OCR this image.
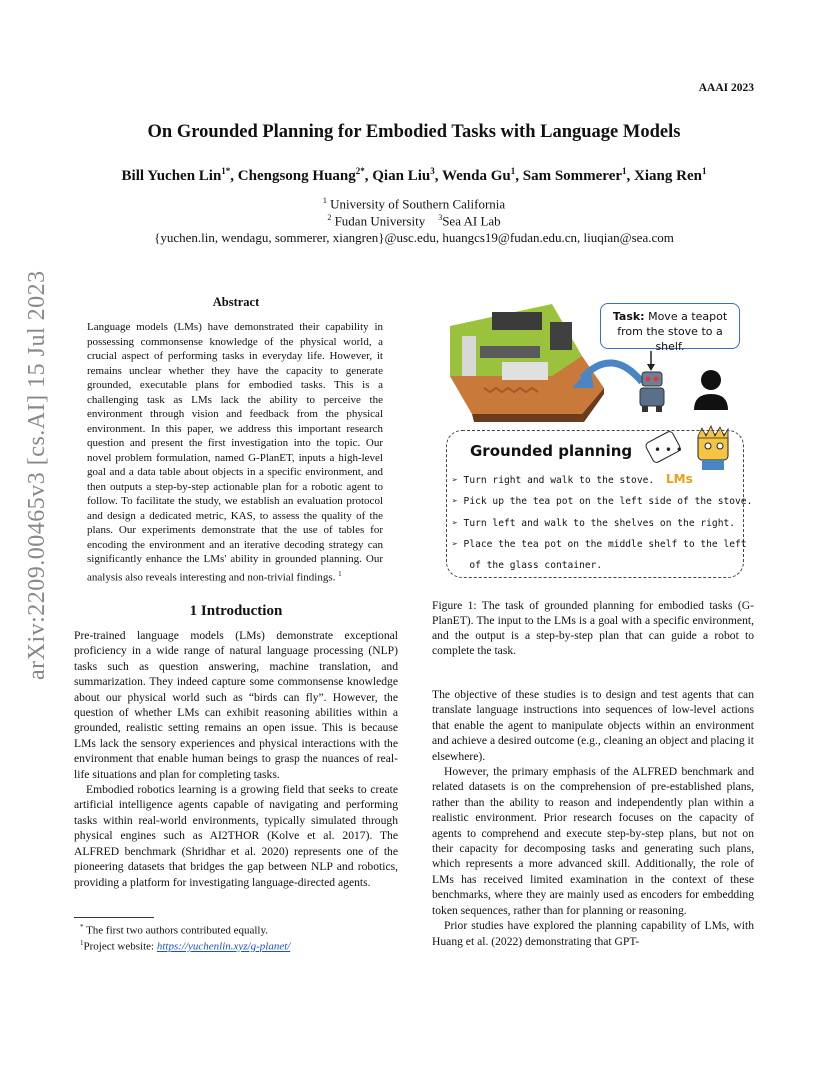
AAAI 2023
On Grounded Planning for Embodied Tasks with Language Models
Bill Yuchen Lin$^{1*}$, Chengsong Huang$^{2*}$, Qian Liu$^3$, Wenda Gu$^1$, Sam Sommerer$^1$, Xiang Ren$^1$
$^1$ University of Southern California
$^2$ Fudan University $^3$Sea AI Lab
{yuchen.lin, wendagu, sommerer, xiangren}@usc.edu, huangcs19@fudan.edu.cn, liuqian@sea.com
arXiv:2209.00465v3 [cs.AI] 15 Jul 2023	Abstract
Language models (LMs) have demonstrated their capability in possessing commonsense knowledge of the physical world, a crucial aspect of performing tasks in everyday life. However, it remains unclear whether they have the capacity to generate grounded, executable plans for embodied tasks. This is a challenging task as LMs lack the ability to perceive the environment through vision and feedback from the physical environment. In this paper, we address this important research question and present the first investigation into the topic. Our novel problem formulation, named G-PlanET, inputs a high-level goal and a data table about objects in a specific environment, and then outputs a step-by-step actionable plan for a robotic agent to follow. To facilitate the study, we establish an evaluation protocol and design a dedicated metric, KAS, to assess the quality of the plans. Our experiments demonstrate that the use of tables for encoding the environment and an iterative decoding strategy can significantly enhance the LMs' ability in grounded planning. Our analysis also reveals interesting and non-trivial findings. $^1$
1 Introduction

Pre-trained language models (LMs) demonstrate exceptional proficiency in a wide range of natural language processing (NLP) tasks such as question answering, machine translation, and summarization. They indeed capture some commonsense knowledge about our physical world such as “birds can fly”. However, the question of whether LMs can exhibit reasoning abilities within a grounded, realistic setting remains an open issue. This is because LMs lack the sensory experiences and physical interactions with the environment that enable human beings to grasp the nuances of real-life situations and plan for completing tasks.

Embodied robotics learning is a growing field that seeks to create artificial intelligence agents capable of navigating and performing tasks within real-world environments, typically simulated through physical engines such as AI2THOR (Kolve et al. 2017). The ALFRED benchmark (Shridhar et al. 2020) represents one of the pioneering datasets that bridges the gap between NLP and robotics, providing a platform for investigating language-directed agents.

* The first two authors contributed equally.
$^1$Project website: https://yuchenlin.xyz/g-planet/
• • •
Task: Move a teapot
from the stove to a shelf.
Grounded planning
LMs
➢ Turn right and walk to the stove.
➢ Pick up the tea pot on the left side of the stove.
➢ Turn left and walk to the shelves on the right.
➢ Place the tea pot on the middle shelf to the left
of the glass container.
Figure 1: The task of grounded planning for embodied tasks (G-PlanET). The input to the LMs is a goal with a specific environment, and the output is a step-by-step plan that can guide a robot to complete the task.

The objective of these studies is to design and test agents that can translate language instructions into sequences of low-level actions that enable the agent to manipulate objects within an environment and achieve a desired outcome (e.g., cleaning an object and placing it elsewhere).

However, the primary emphasis of the ALFRED benchmark and related datasets is on the comprehension of pre-established plans, rather than the ability to reason and independently plan within a realistic environment. Prior research focuses on the capacity of agents to comprehend and execute step-by-step plans, but not on their capacity for decomposing tasks and generating such plans, which represents a more advanced skill. Additionally, the role of LMs has received limited examination in the context of these benchmarks, where they are mainly used as encoders for embedding token sequences, rather than for planning or reasoning.

Prior studies have explored the planning capability of LMs, with Huang et al. (2022) demonstrating that GPT-
